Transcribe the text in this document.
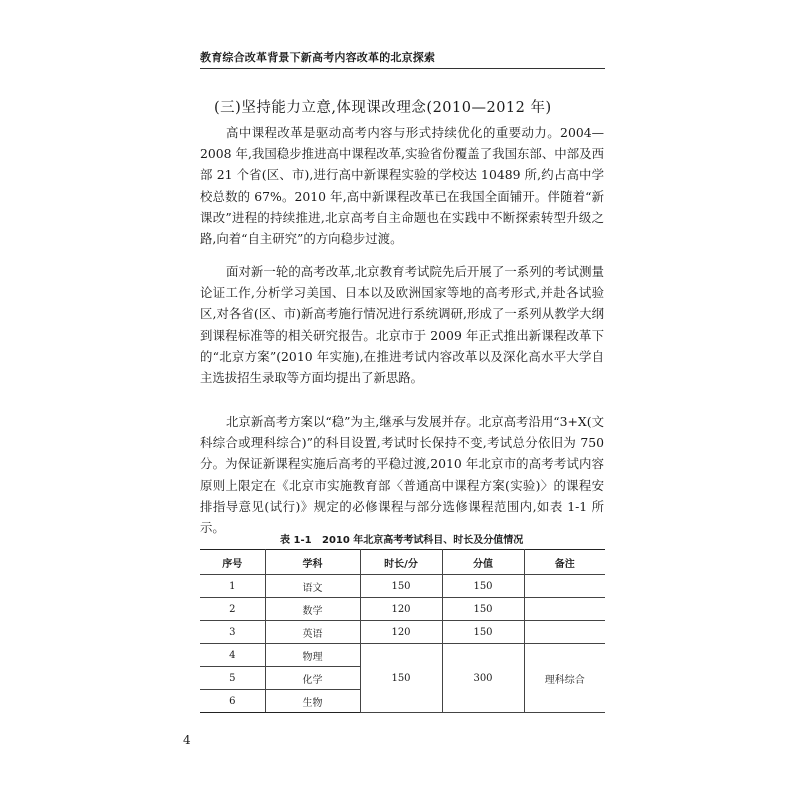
教育综合改革背景下新高考内容改革的北京探索
(三)坚持能力立意,体现课改理念(2010—2012 年)

高中课程改革是驱动高考内容与形式持续优化的重要动力。2004—2008 年,我国稳步推进高中课程改革,实验省份覆盖了我国东部、中部及西部 21 个省(区、市),进行高中新课程实验的学校达 10489 所,约占高中学校总数的 67%。2010 年,高中新课程改革已在我国全面铺开。伴随着“新课改”进程的持续推进,北京高考自主命题也在实践中不断探索转型升级之路,向着“自主研究”的方向稳步过渡。

面对新一轮的高考改革,北京教育考试院先后开展了一系列的考试测量论证工作,分析学习美国、日本以及欧洲国家等地的高考形式,并赴各试验区,对各省(区、市)新高考施行情况进行系统调研,形成了一系列从教学大纲到课程标准等的相关研究报告。北京市于 2009 年正式推出新课程改革下的“北京方案”(2010 年实施),在推进考试内容改革以及深化高水平大学自主选拔招生录取等方面均提出了新思路。

北京新高考方案以“稳”为主,继承与发展并存。北京高考沿用“3+X(文科综合或理科综合)”的科目设置,考试时长保持不变,考试总分依旧为 750 分。为保证新课程实施后高考的平稳过渡,2010 年北京市的高考考试内容原则上限定在《北京市实施教育部〈普通高中课程方案(实验)〉的课程安排指导意见(试行)》规定的必修课程与部分选修课程范围内,如表 1-1 所示。

表 1-1   2010 年北京高考考试科目、时长及分值情况
序号	学科	时长/分	分值	备注
1	语文	150	150	
2	数学	120	150	
3	英语	120	150	
4	物理	150	300	理科综合
5	化学			
6	生物			
4
